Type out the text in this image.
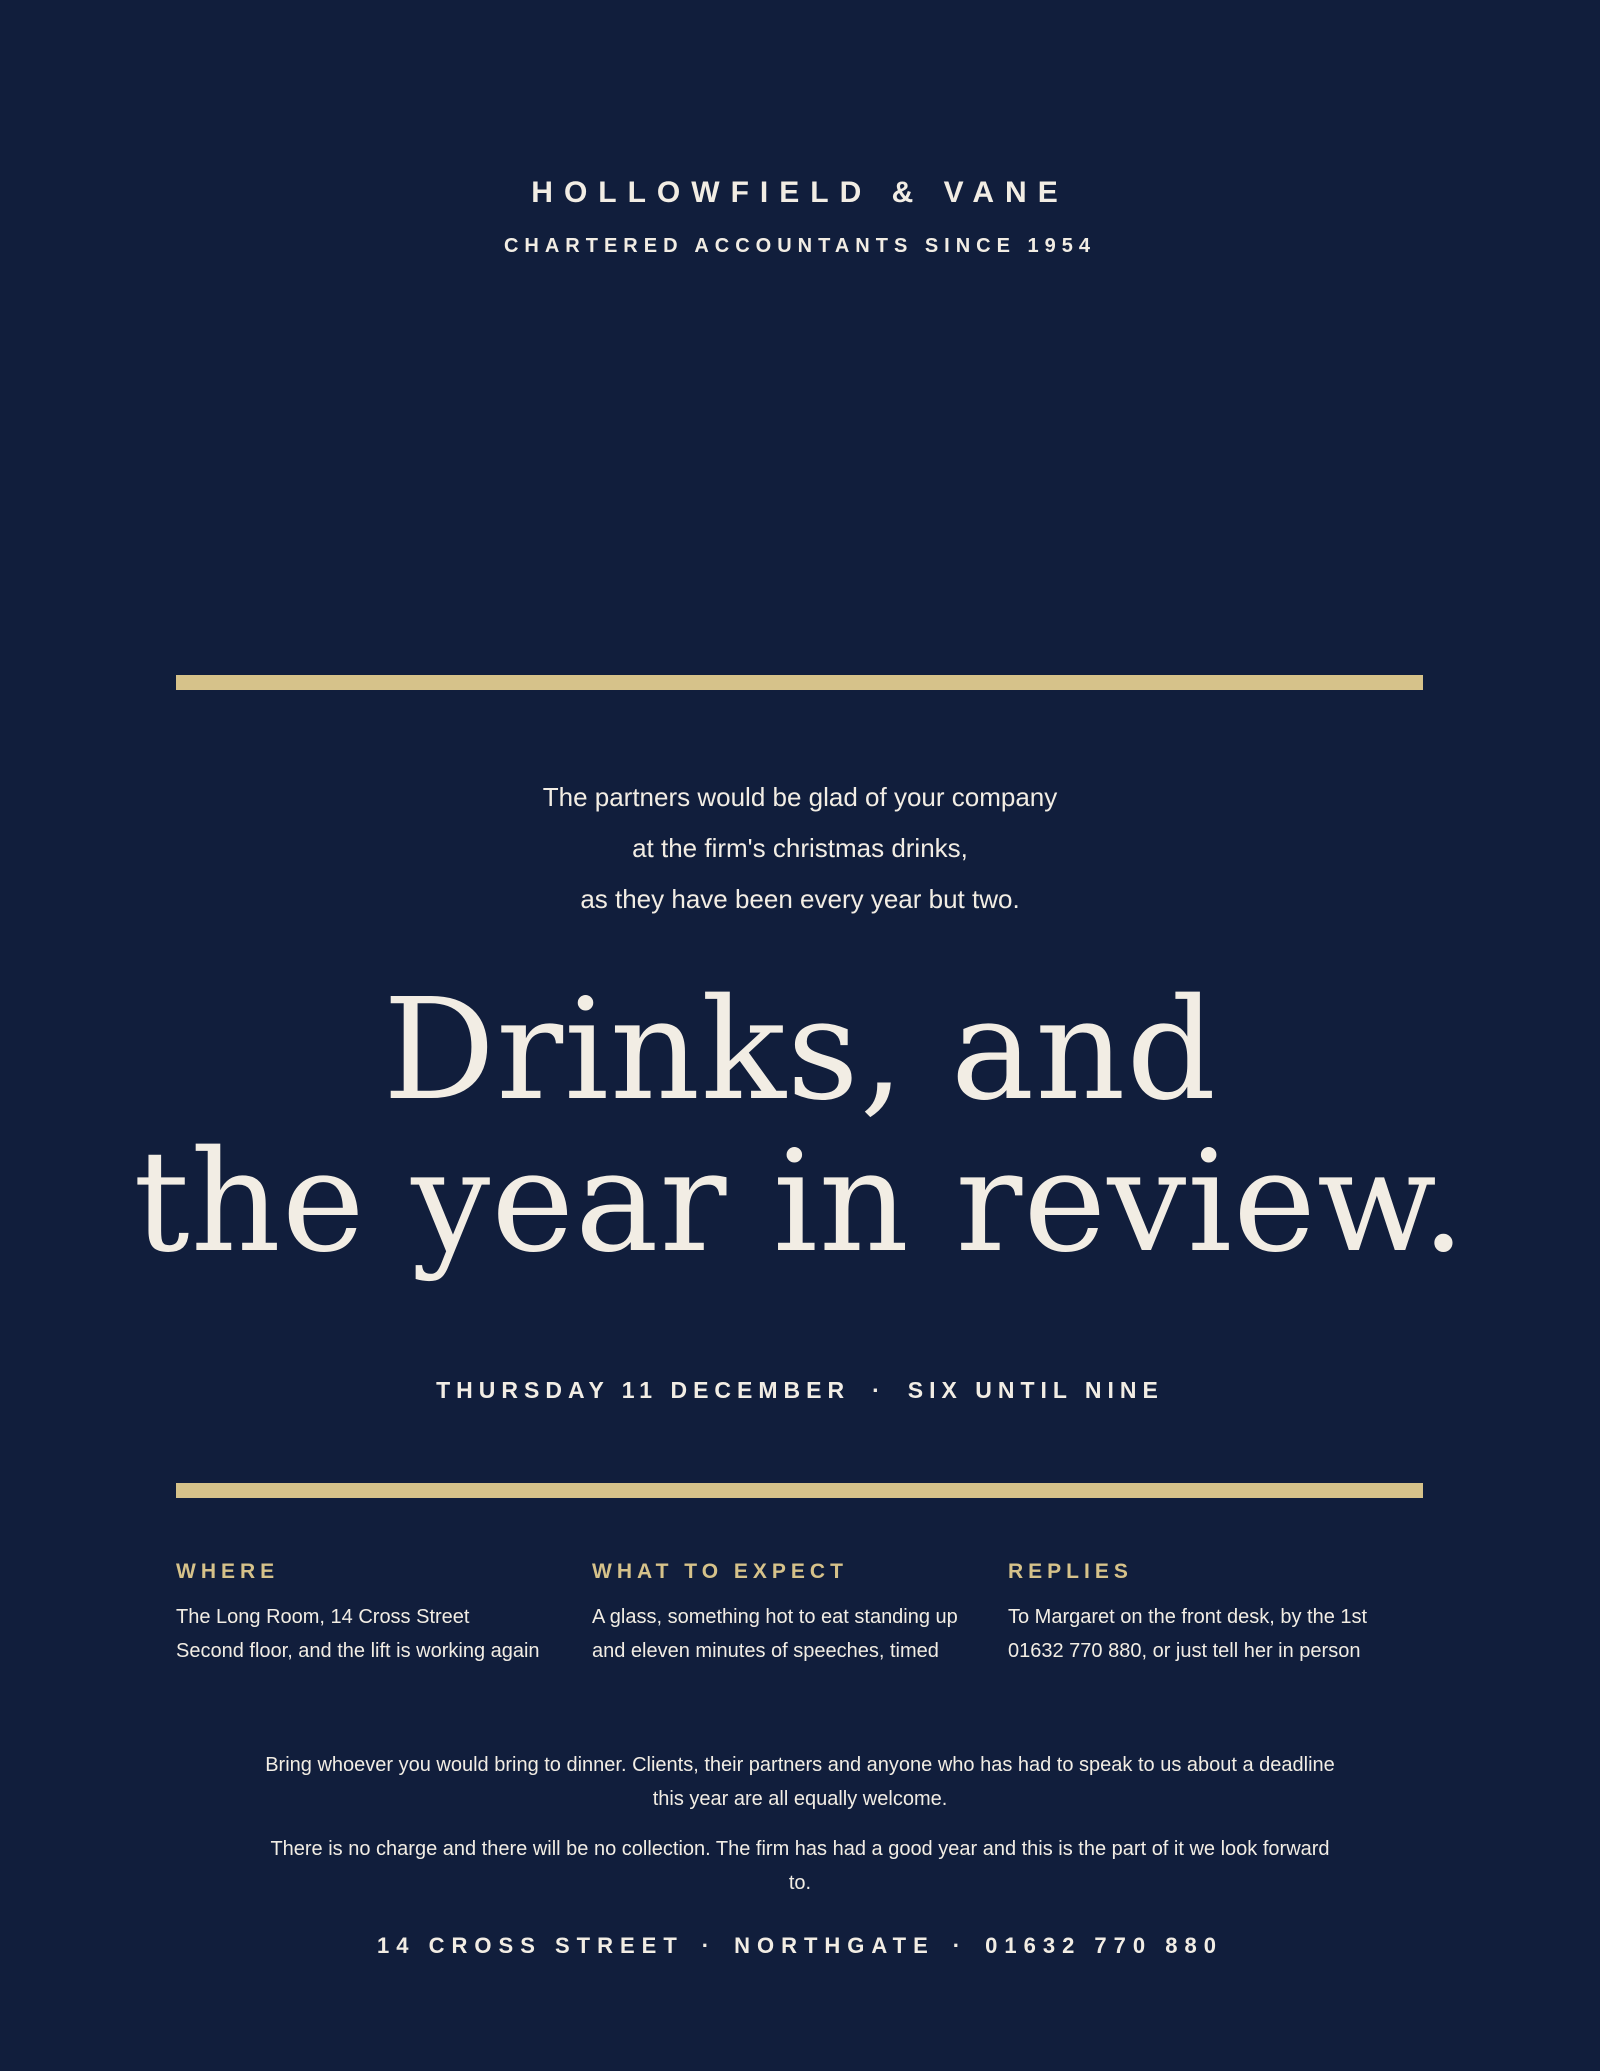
HOLLOWFIELD & VANE
CHARTERED ACCOUNTANTS SINCE 1954
The partners would be glad of your company
at the firm's christmas drinks,
as they have been every year but two.
Drinks, and
the year in review.
THURSDAY 11 DECEMBER · SIX UNTIL NINE
WHERE
The Long Room, 14 Cross Street
Second floor, and the lift is working again
WHAT TO EXPECT
A glass, something hot to eat standing up
and eleven minutes of speeches, timed
REPLIES
To Margaret on the front desk, by the 1st
01632 770 880, or just tell her in person

Bring whoever you would bring to dinner. Clients, their partners and anyone who has had to speak to us about a deadline this year are all equally welcome.

There is no charge and there will be no collection. The firm has had a good year and this is the part of it we look forward to.

14 CROSS STREET · NORTHGATE · 01632 770 880
